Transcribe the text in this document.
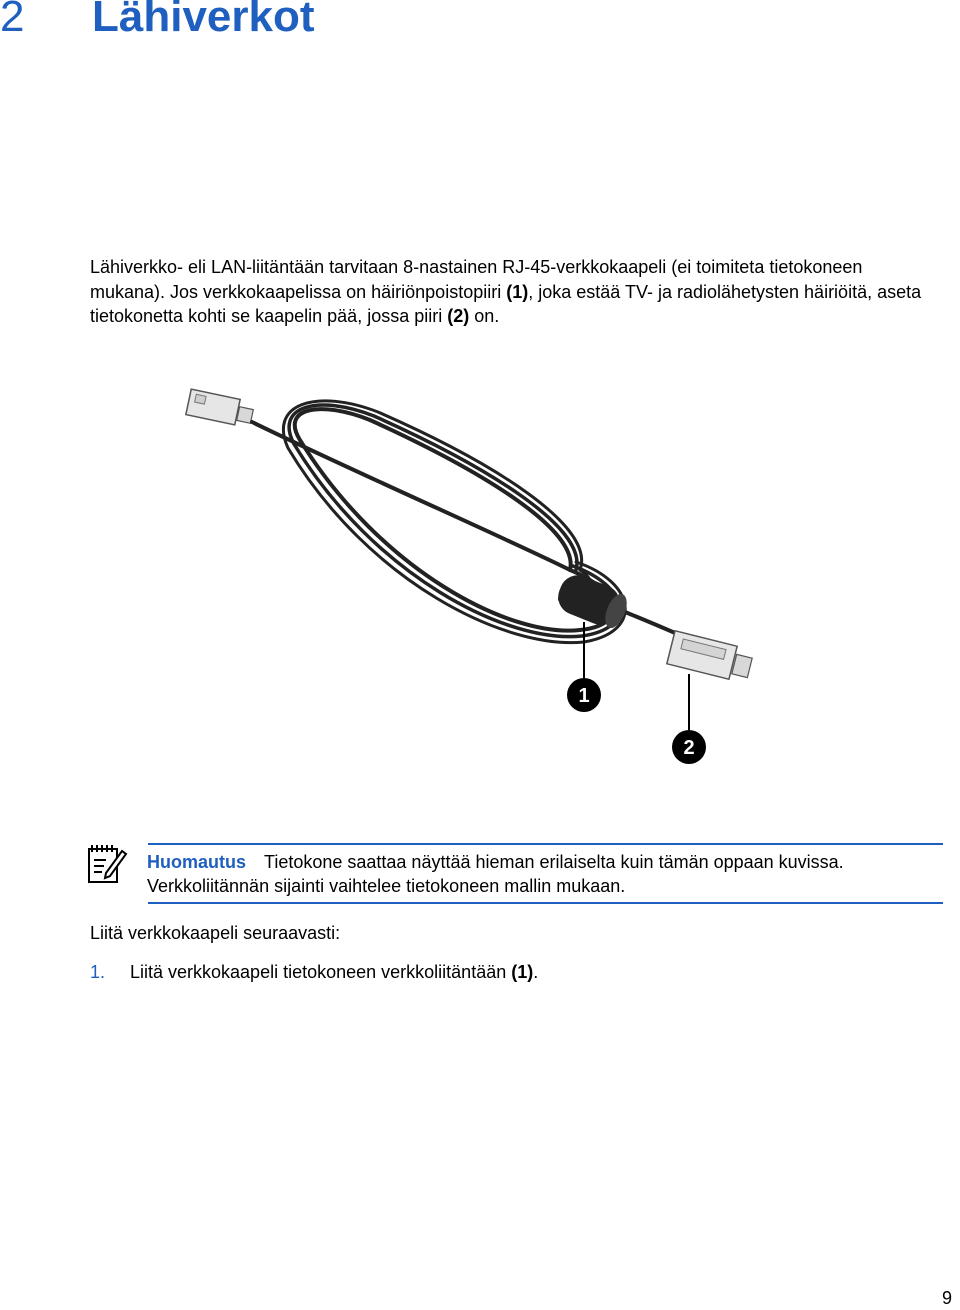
2 Lähiverkot

Lähiverkko- eli LAN-liitäntään tarvitaan 8-nastainen RJ-45-verkkokaapeli (ei toimiteta tietokoneen mukana). Jos verkkokaapelissa on häiriönpoistopiiri (1), joka estää TV- ja radiolähetysten häiriöitä, aseta tietokonetta kohti se kaapelin pää, jossa piiri (2) on.

1
2

Huomautus Tietokone saattaa näyttää hieman erilaiselta kuin tämän oppaan kuvissa. Verkkoliitännän sijainti vaihtelee tietokoneen mallin mukaan.

Liitä verkkokaapeli seuraavasti:

1. Liitä verkkokaapeli tietokoneen verkkoliitäntään (1).
9
